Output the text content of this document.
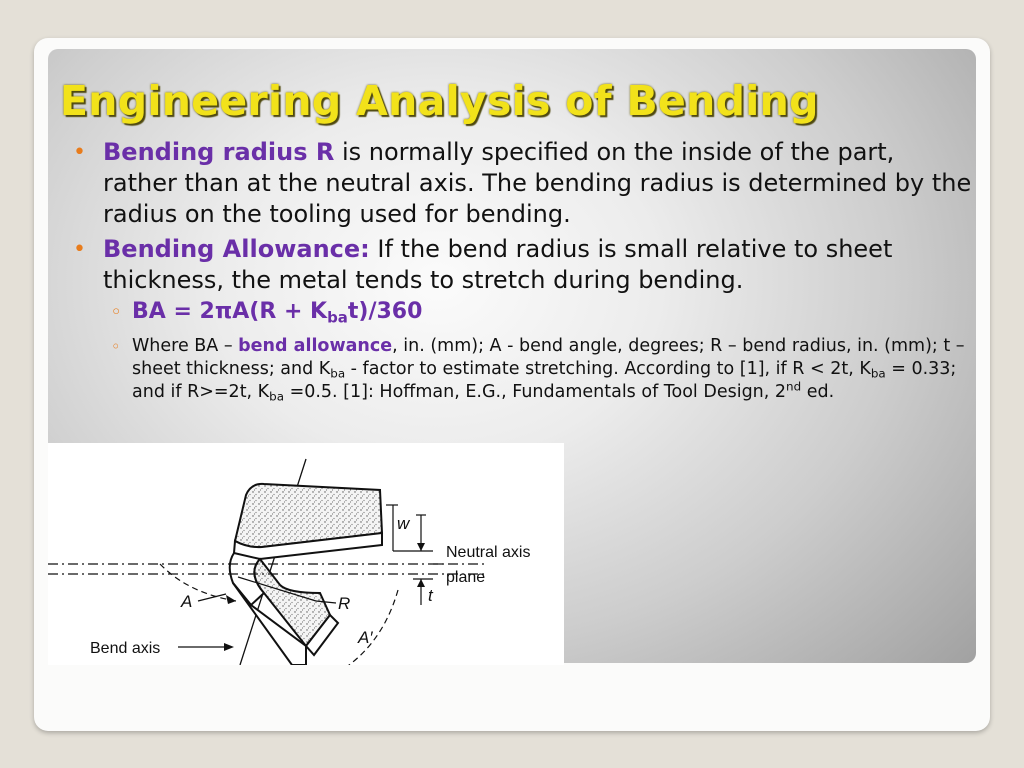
Engineering Analysis of Bending
• Bending radius R is normally specified on the inside of the part, rather than at the neutral axis. The bending radius is determined by the radius on the tooling used for bending.
• Bending Allowance: If the bend radius is small relative to sheet thickness, the metal tends to stretch during bending.
◦ BA = $2\pi A(R + K_{ba}t)/360$
◦ Where BA – bend allowance, in. (mm); A - bend angle, degrees; R – bend radius, in. (mm); t – sheet thickness; and $K_{ba}$ - factor to estimate stretching. According to [1], if R < 2t, $K_{ba} = 0.33$; and if R>=2t, $K_{ba} =0.5$. [1]: Hoffman, E.G., Fundamentals of Tool Design, 2nd ed.
w
t
Neutral axis
plane
A	R
A′
Bend axis
